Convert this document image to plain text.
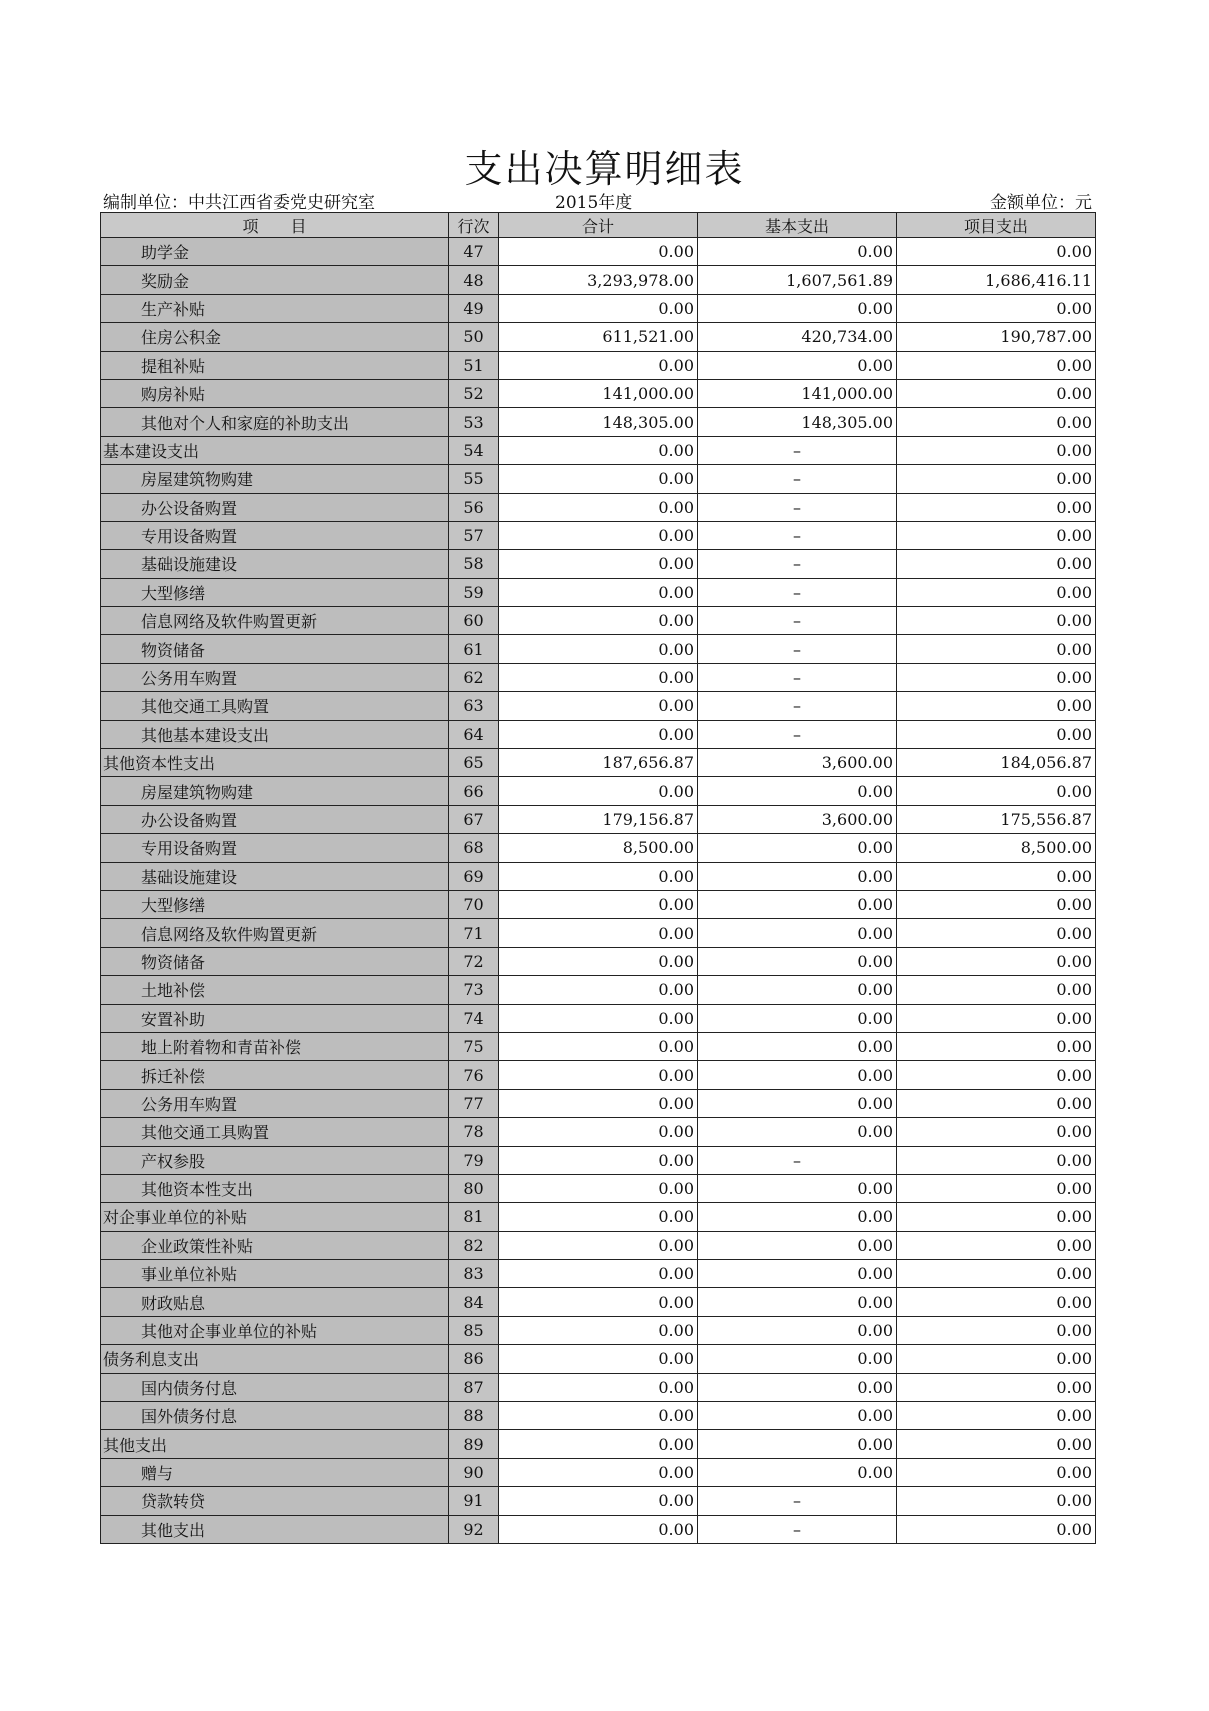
支出决算明细表
编制单位：中共江西省委党史研究室	2015年度	金额单位：元
项　　目	行次	合计	基本支出	项目支出
助学金	47	0.00	0.00	0.00
奖励金	48	3,293,978.00	1,607,561.89	1,686,416.11
生产补贴	49	0.00	0.00	0.00
住房公积金	50	611,521.00	420,734.00	190,787.00
提租补贴	51	0.00	0.00	0.00
购房补贴	52	141,000.00	141,000.00	0.00
其他对个人和家庭的补助支出	53	148,305.00	148,305.00	0.00
基本建设支出	54	0.00	–	0.00
房屋建筑物购建	55	0.00	–	0.00
办公设备购置	56	0.00	–	0.00
专用设备购置	57	0.00	–	0.00
基础设施建设	58	0.00	–	0.00
大型修缮	59	0.00	–	0.00
信息网络及软件购置更新	60	0.00	–	0.00
物资储备	61	0.00	–	0.00
公务用车购置	62	0.00	–	0.00
其他交通工具购置	63	0.00	–	0.00
其他基本建设支出	64	0.00	–	0.00
其他资本性支出	65	187,656.87	3,600.00	184,056.87
房屋建筑物购建	66	0.00	0.00	0.00
办公设备购置	67	179,156.87	3,600.00	175,556.87
专用设备购置	68	8,500.00	0.00	8,500.00
基础设施建设	69	0.00	0.00	0.00
大型修缮	70	0.00	0.00	0.00
信息网络及软件购置更新	71	0.00	0.00	0.00
物资储备	72	0.00	0.00	0.00
土地补偿	73	0.00	0.00	0.00
安置补助	74	0.00	0.00	0.00
地上附着物和青苗补偿	75	0.00	0.00	0.00
拆迁补偿	76	0.00	0.00	0.00
公务用车购置	77	0.00	0.00	0.00
其他交通工具购置	78	0.00	0.00	0.00
产权参股	79	0.00	–	0.00
其他资本性支出	80	0.00	0.00	0.00
对企事业单位的补贴	81	0.00	0.00	0.00
企业政策性补贴	82	0.00	0.00	0.00
事业单位补贴	83	0.00	0.00	0.00
财政贴息	84	0.00	0.00	0.00
其他对企事业单位的补贴	85	0.00	0.00	0.00
债务利息支出	86	0.00	0.00	0.00
国内债务付息	87	0.00	0.00	0.00
国外债务付息	88	0.00	0.00	0.00
其他支出	89	0.00	0.00	0.00
赠与	90	0.00	0.00	0.00
贷款转贷	91	0.00	–	0.00
其他支出	92	0.00	–	0.00
